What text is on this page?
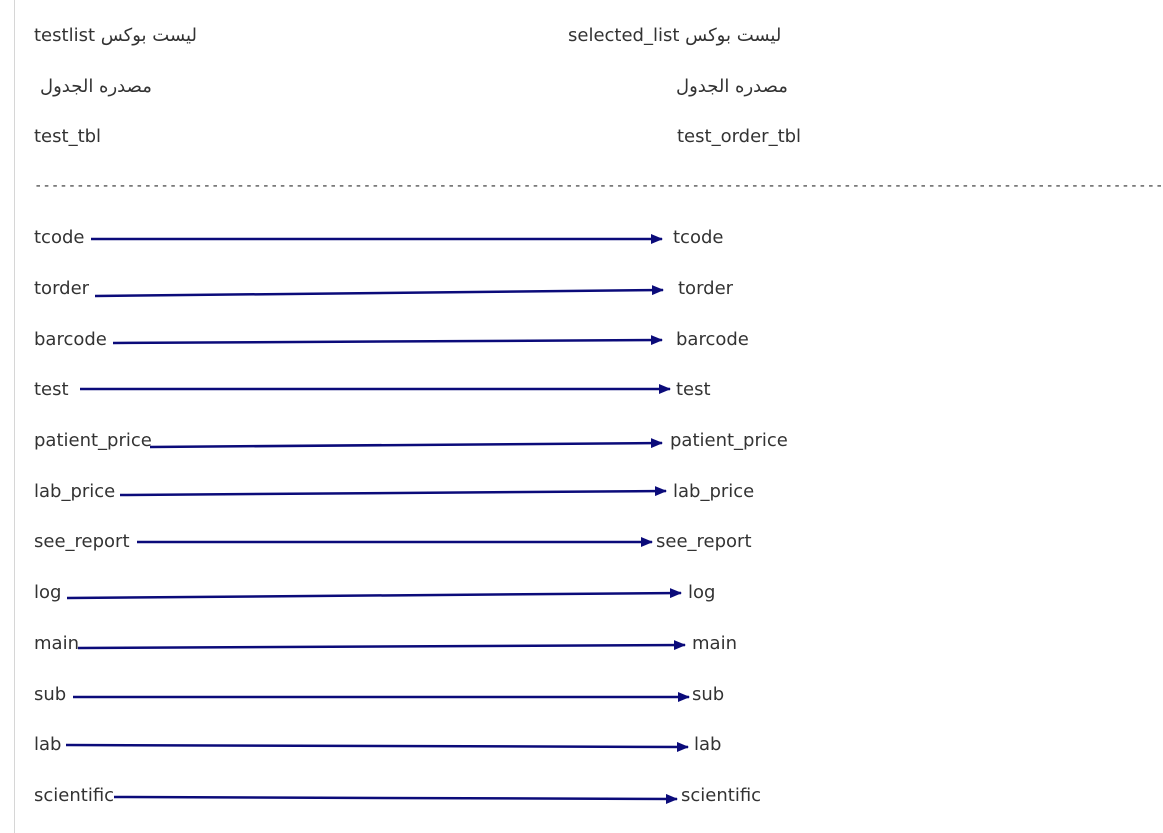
testlist ليست بوكس
مصدره الجدول
test_tbl
selected_list ليست بوكس
مصدره الجدول
test_order_tbl
--------------------------------------------------------------------------------------------------------------------------------------
tcode
torder
barcode
test
patient_price
lab_price
see_report
log
main
sub
lab
scientific
tcode
torder
barcode
test
patient_price
lab_price
see_report
log
main
sub
lab
scientific
